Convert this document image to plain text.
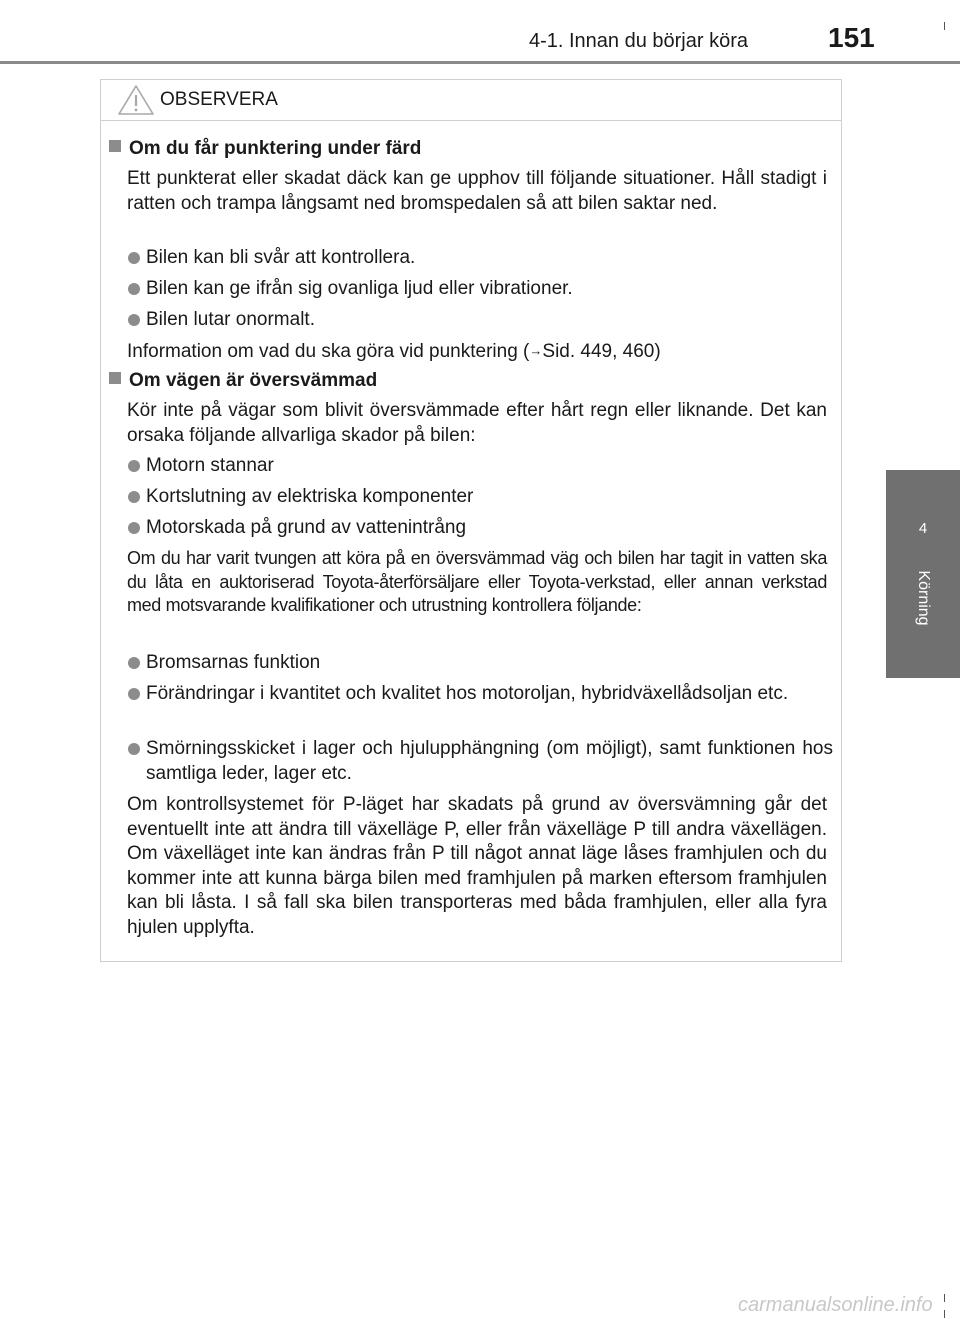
4-1. Innan du börjar köra	151
4
Körning
OBSERVERA
Om du får punktering under färd
Ett punkterat eller skadat däck kan ge upphov till följande situationer. Håll stadigt i ratten och trampa långsamt ned bromspedalen så att bilen saktar ned.
Bilen kan bli svår att kontrollera.
Bilen kan ge ifrån sig ovanliga ljud eller vibrationer.
Bilen lutar onormalt.
Information om vad du ska göra vid punktering (→Sid. 449, 460)
Om vägen är översvämmad
Kör inte på vägar som blivit översvämmade efter hårt regn eller liknande. Det kan orsaka följande allvarliga skador på bilen:
Motorn stannar
Kortslutning av elektriska komponenter
Motorskada på grund av vattenintrång
Om du har varit tvungen att köra på en översvämmad väg och bilen har tagit in vatten ska du låta en auktoriserad Toyota-återförsäljare eller Toyota-verkstad, eller annan verkstad med motsvarande kvalifikationer och utrustning kontrollera följande:
Bromsarnas funktion
Förändringar i kvantitet och kvalitet hos motoroljan, hybridväxellådsoljan etc.
Smörningsskicket i lager och hjulupphängning (om möjligt), samt funktionen hos samtliga leder, lager etc.
Om kontrollsystemet för P-läget har skadats på grund av översvämning går det eventuellt inte att ändra till växelläge P, eller från växelläge P till andra växellägen. Om växelläget inte kan ändras från P till något annat läge låses framhjulen och du kommer inte att kunna bärga bilen med framhjulen på marken eftersom framhjulen kan bli låsta. I så fall ska bilen transporteras med båda framhjulen, eller alla fyra hjulen upplyfta.
carmanualsonline.info
